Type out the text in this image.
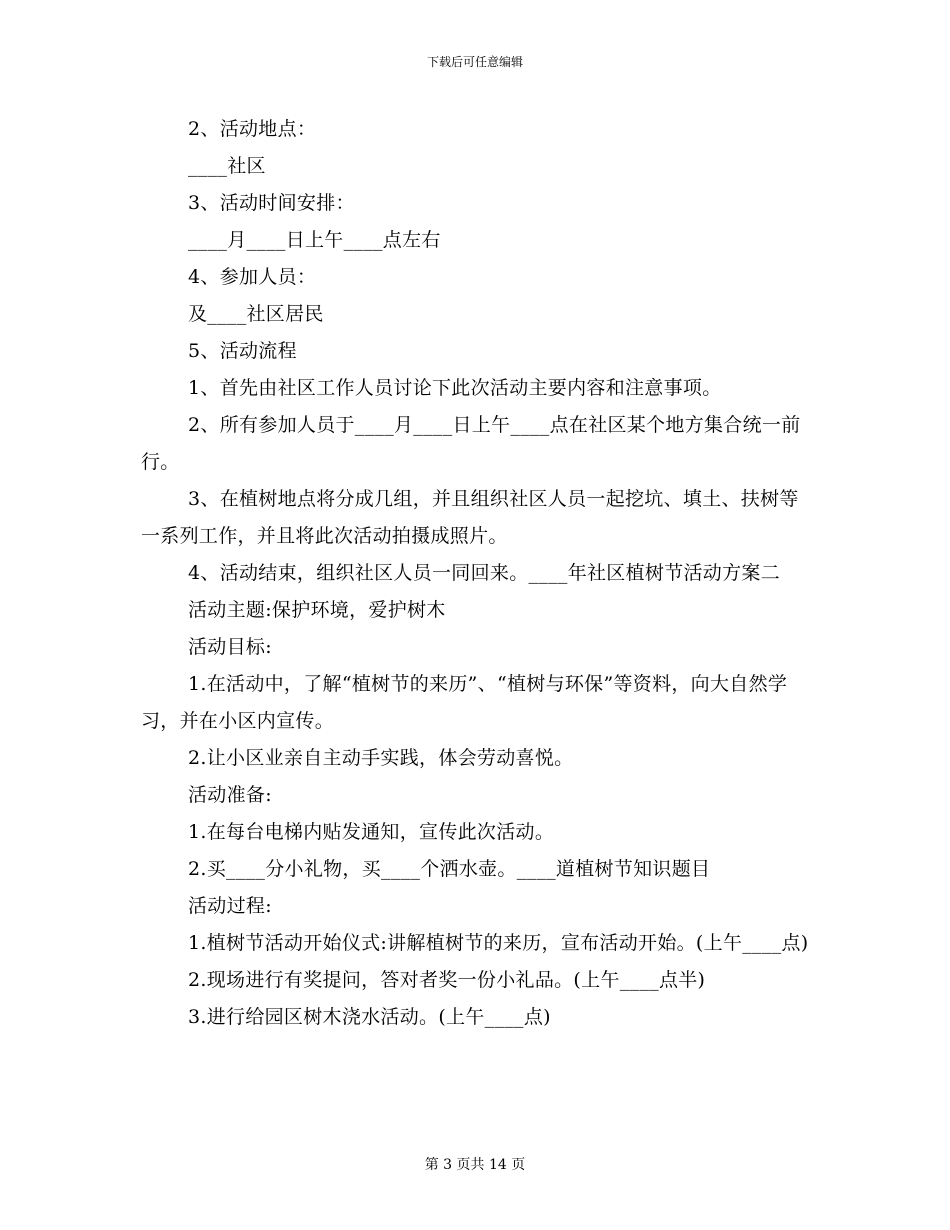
下载后可任意编辑

2、活动地点：

____社区

3、活动时间安排：

____月____日上午____点左右

4、参加人员：

及____社区居民

5、活动流程

1、首先由社区工作人员讨论下此次活动主要内容和注意事项。

2、所有参加人员于____月____日上午____点在社区某个地方集合统一前行。

3、在植树地点将分成几组，并且组织社区人员一起挖坑、填土、扶树等一系列工作，并且将此次活动拍摄成照片。

4、活动结束，组织社区人员一同回来。____年社区植树节活动方案二

活动主题:保护环境，爱护树木

活动目标:

1.在活动中，了解“植树节的来历”、“植树与环保”等资料，向大自然学习，并在小区内宣传。

2.让小区业亲自主动手实践，体会劳动喜悦。

活动准备:

1.在每台电梯内贴发通知，宣传此次活动。

2.买____分小礼物，买____个洒水壶。____道植树节知识题目

活动过程:

1.植树节活动开始仪式:讲解植树节的来历，宣布活动开始。(上午____点)

2.现场进行有奖提问，答对者奖一份小礼品。(上午____点半)

3.进行给园区树木浇水活动。(上午____点)

第 3 页共 14 页
